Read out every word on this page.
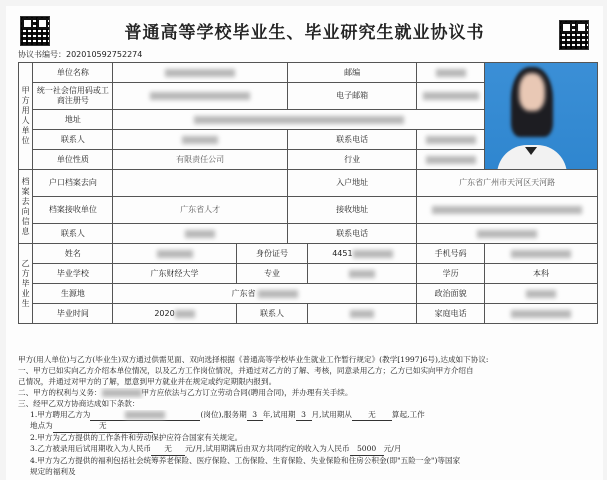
普通高等学校毕业生、毕业研究生就业协议书
协议书编号：202010592752274
甲方用人单位	单位名称			邮编			

	统一社会信用码或工商注册号			电子邮箱			
	地址						
	联系人			联系电话			
	单位性质	有限责任公司		行业			
档案去向信息	户口档案去向			入户地址		广东省广州市天河区天河路	
	档案接收单位	广东省人才		接收地址			
	联系人			联系电话			
乙方毕业生	姓名		身份证号		4451	手机号码	
	毕业学校	广东财经大学	专业			学历	本科
	生源地	广东省				政治面貌	
	毕业时间	2020	联系人			家庭电话	

甲方(用人单位)与乙方(毕业生)双方通过供需见面、双向选择根据《普通高等学校毕业生就业工作暂行规定》(教学[1997]6号),达成如下协议:

一、甲方已如实向乙方介绍本单位情况，以及乙方工作岗位情况，并通过对乙方的了解、考核，同意录用乙方；乙方已如实向甲方介绍自

己情况，并通过对甲方的了解，愿意到甲方就业并在规定或约定期限内报到。

二、甲方的权利与义务：	甲方应依法与乙方订立劳动合同(聘用合同)，并办理有关手续。

三、经甲乙双方协商达成如下条款：

1.甲方聘用乙方为	(岗位),服务期 3 年,试用期 3 月,试用期从 无 算起,工作

地点为	无

2.甲方为乙方提供的工作条件和劳动保护应符合国家有关规定。

3.乙方被录用后试用期收入为人民币 无 元/月,试用期满后由双方共同约定的收入为人民币 5000 元/月

4.甲方为乙方提供的福利包括社会统筹养老保险、医疗保险、工伤保险、生育保险、失业保险和住房公积金(即"五险一金")等国家

规定的福利及
